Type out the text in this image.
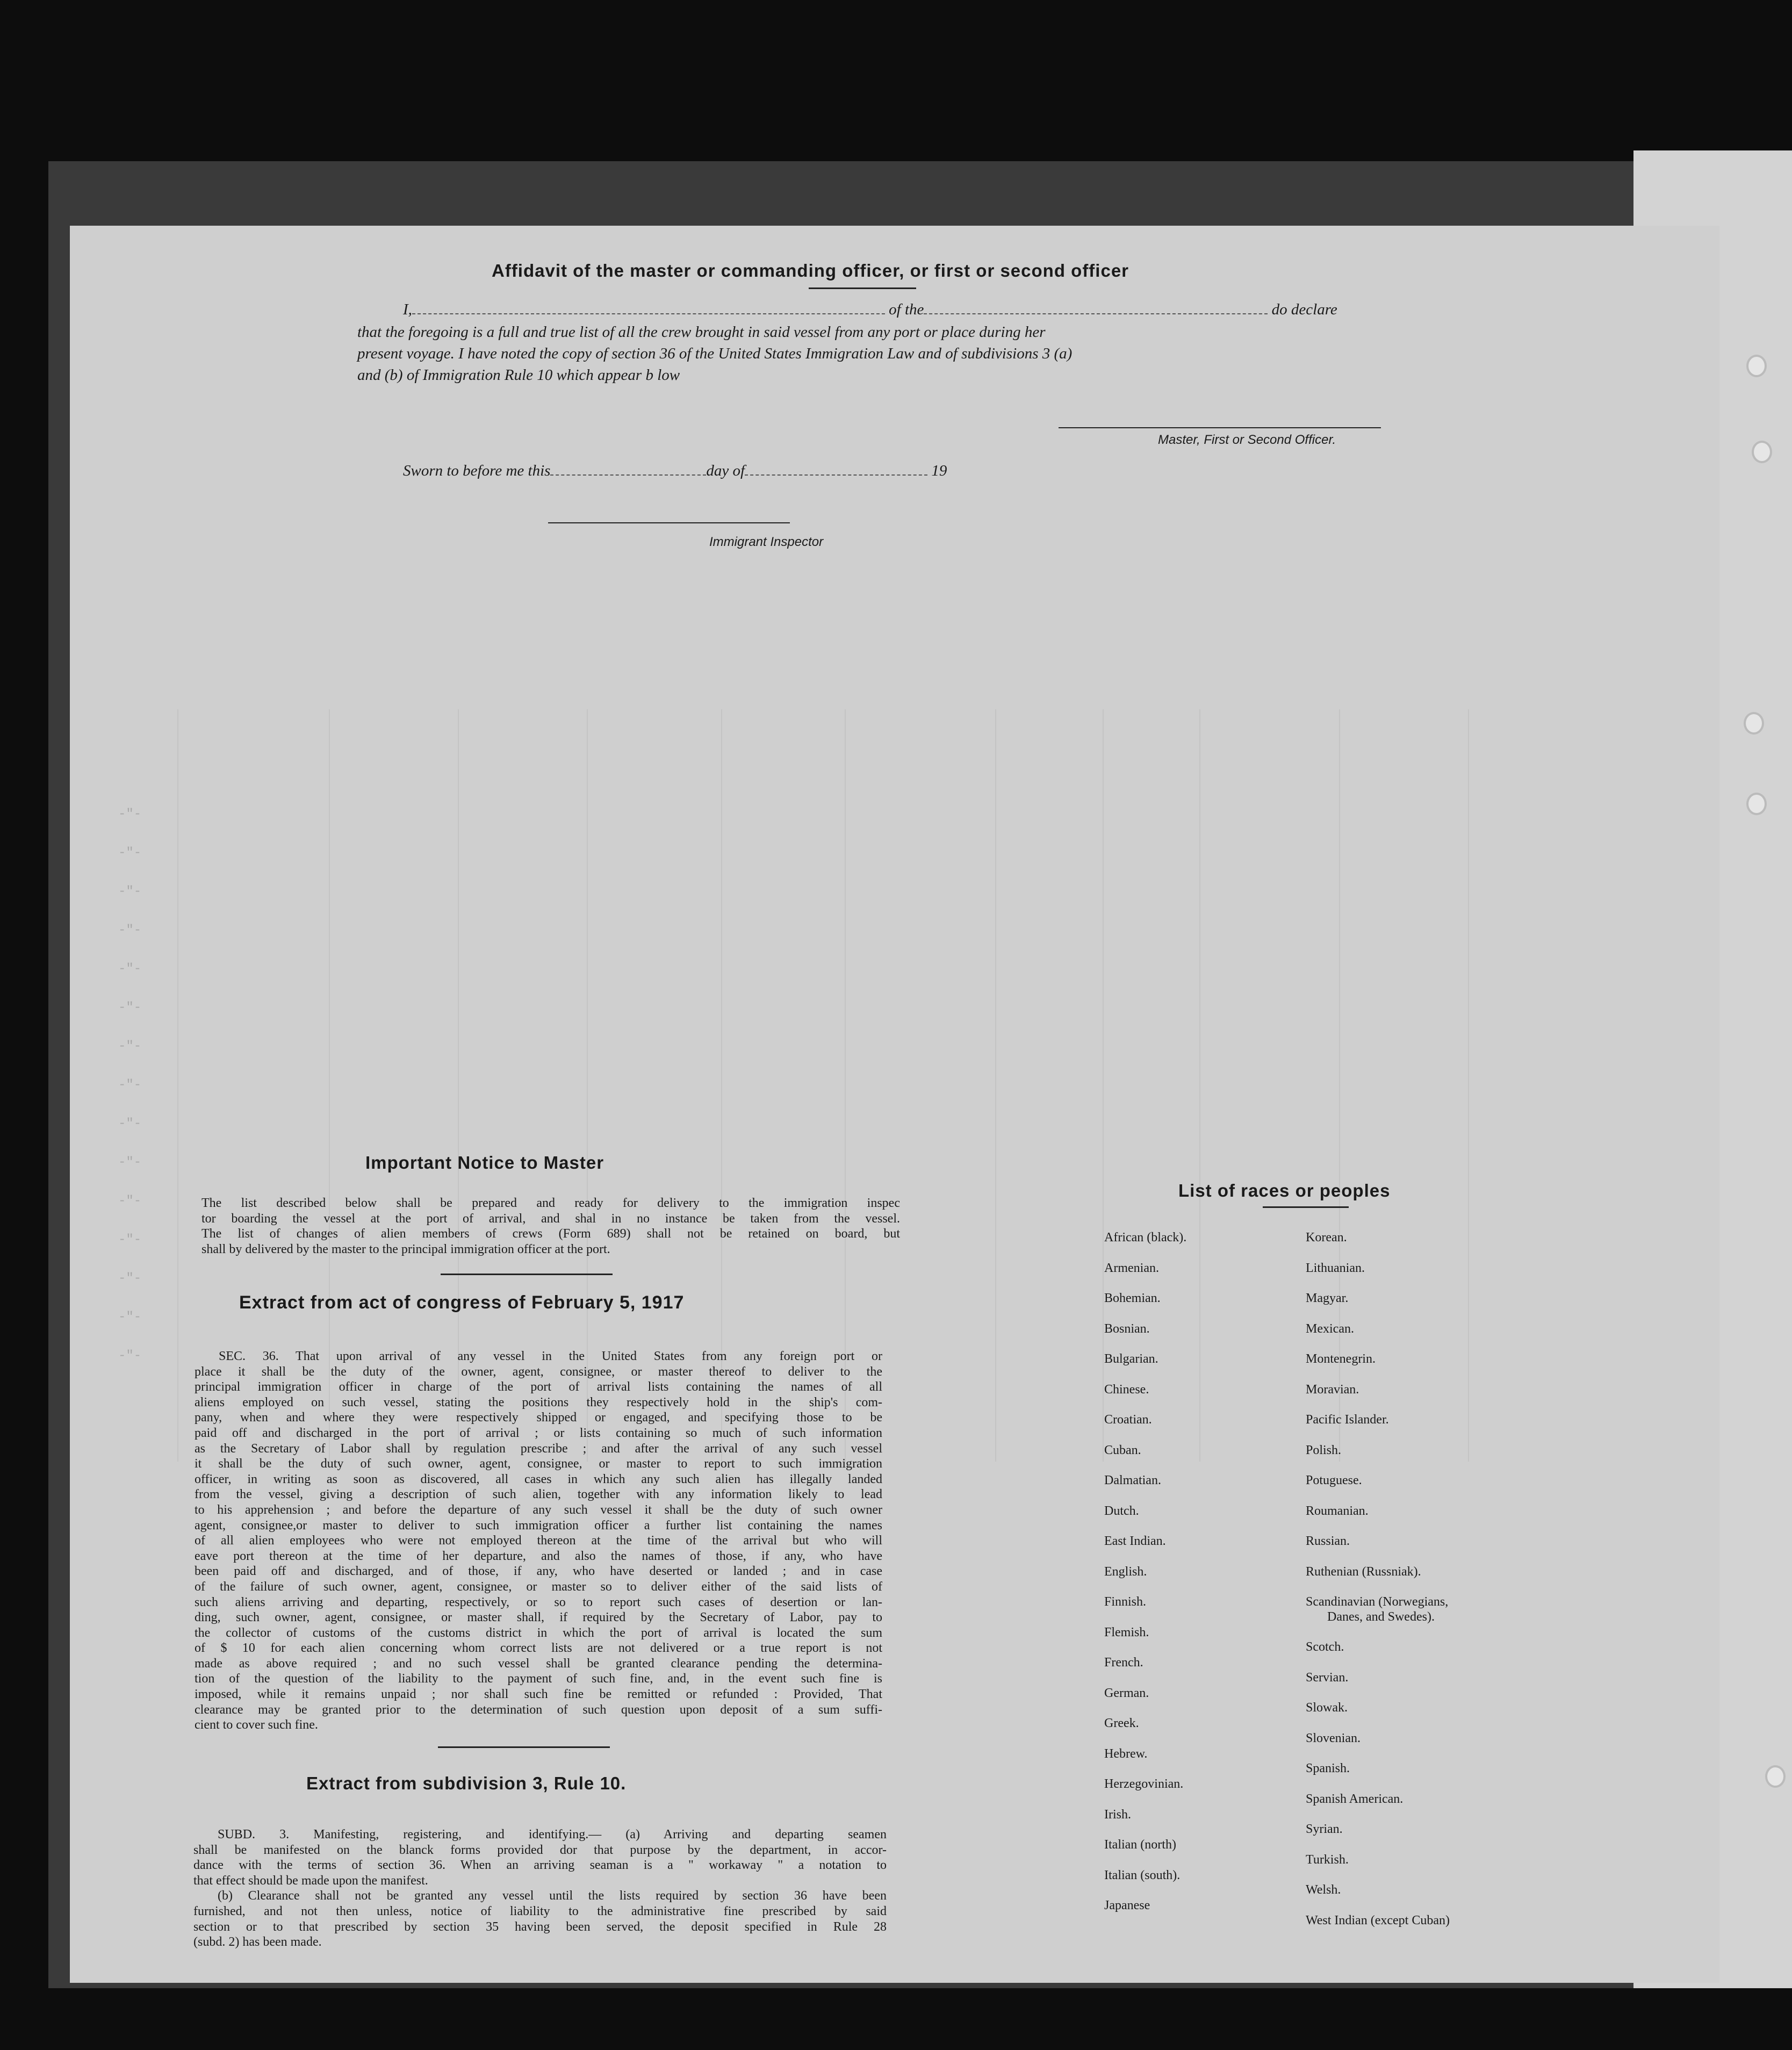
-"-
-"-
-"-
-"-
-"-
-"-
-"-
-"-
-"-
-"-
-"-
-"-
-"-
-"-
-"-
Affidavit of the master or commanding officer, or first or second officer
I,	of the	do declare
that the foregoing is a full and true list of all the crew brought in said vessel from any port or place during her
present voyage. I have noted the copy of section 36 of the United States Immigration Law and of subdivisions 3 (a)
and (b) of Immigration Rule 10 which appear b low
Master, First or Second Officer.
Sworn to before me this	day of	19
Immigrant Inspector
Important Notice to Master
The list described below shall be prepared and ready for delivery to the immigration inspec
tor boarding the vessel at the port of arrival, and shal in no instance be taken from the vessel.
The list of changes of alien members of crews (Form 689) shall not be retained on board, but
shall by delivered by the master to the principal immigration officer at the port.
Extract from act of congress of February 5, 1917
SEC. 36. That upon arrival of any vessel in the United States from any foreign port or
place it shall be the duty of the owner, agent, consignee, or master thereof to deliver to the
principal immigration officer in charge of the port of arrival lists containing the names of all
aliens employed on such vessel, stating the positions they respectively hold in the ship's com-
pany, when and where they were respectively shipped or engaged, and specifying those to be
paid off and discharged in the port of arrival ; or lists containing so much of such information
as the Secretary of Labor shall by regulation prescribe ; and after the arrival of any such vessel
it shall be the duty of such owner, agent, consignee, or master to report to such immigration
officer, in writing as soon as discovered, all cases in which any such alien has illegally landed
from the vessel, giving a description of such alien, together with any information likely to lead
to his apprehension ; and before the departure of any such vessel it shall be the duty of such owner
agent, consignee,or master to deliver to such immigration officer a further list containing the names
of all alien employees who were not employed thereon at the time of the arrival but who will
eave port thereon at the time of her departure, and also the names of those, if any, who have
been paid off and discharged, and of those, if any, who have deserted or landed ; and in case
of the failure of such owner, agent, consignee, or master so to deliver either of the said lists of
such aliens arriving and departing, respectively, or so to report such cases of desertion or lan-
ding, such owner, agent, consignee, or master shall, if required by the Secretary of Labor, pay to
the collector of customs of the customs district in which the port of arrival is located the sum
of $ 10 for each alien concerning whom correct lists are not delivered or a true report is not
made as above required ; and no such vessel shall be granted clearance pending the determina-
tion of the question of the liability to the payment of such fine, and, in the event such fine is
imposed, while it remains unpaid ; nor shall such fine be remitted or refunded : Provided, That
clearance may be granted prior to the determination of such question upon deposit of a sum suffi-
cient to cover such fine.
Extract from subdivision 3, Rule 10.
SUBD. 3. Manifesting, registering, and identifying.— (a) Arriving and departing seamen
shall be manifested on the blanck forms provided dor that purpose by the department, in accor-
dance with the terms of section 36. When an arriving seaman is a " workaway " a notation to
that effect should be made upon the manifest.
(b) Clearance shall not be granted any vessel until the lists required by section 36 have been
furnished, and not then unless, notice of liability to the administrative fine prescribed by said
section or to that prescribed by section 35 having been served, the deposit specified in Rule 28
(subd. 2) has been made.
List of races or peoples
African (black).
Armenian.
Bohemian.
Bosnian.
Bulgarian.
Chinese.
Croatian.
Cuban.
Dalmatian.
Dutch.
East Indian.
English.
Finnish.
Flemish.
French.
German.
Greek.
Hebrew.
Herzegovinian.
Irish.
Italian (north)
Italian (south).
Japanese
Korean.
Lithuanian.
Magyar.
Mexican.
Montenegrin.
Moravian.
Pacific Islander.
Polish.
Potuguese.
Roumanian.
Russian.
Ruthenian (Russniak).
Scandinavian (Norwegians,
Danes, and Swedes).
Scotch.
Servian.
Slowak.
Slovenian.
Spanish.
Spanish American.
Syrian.
Turkish.
Welsh.
West Indian (except Cuban)
